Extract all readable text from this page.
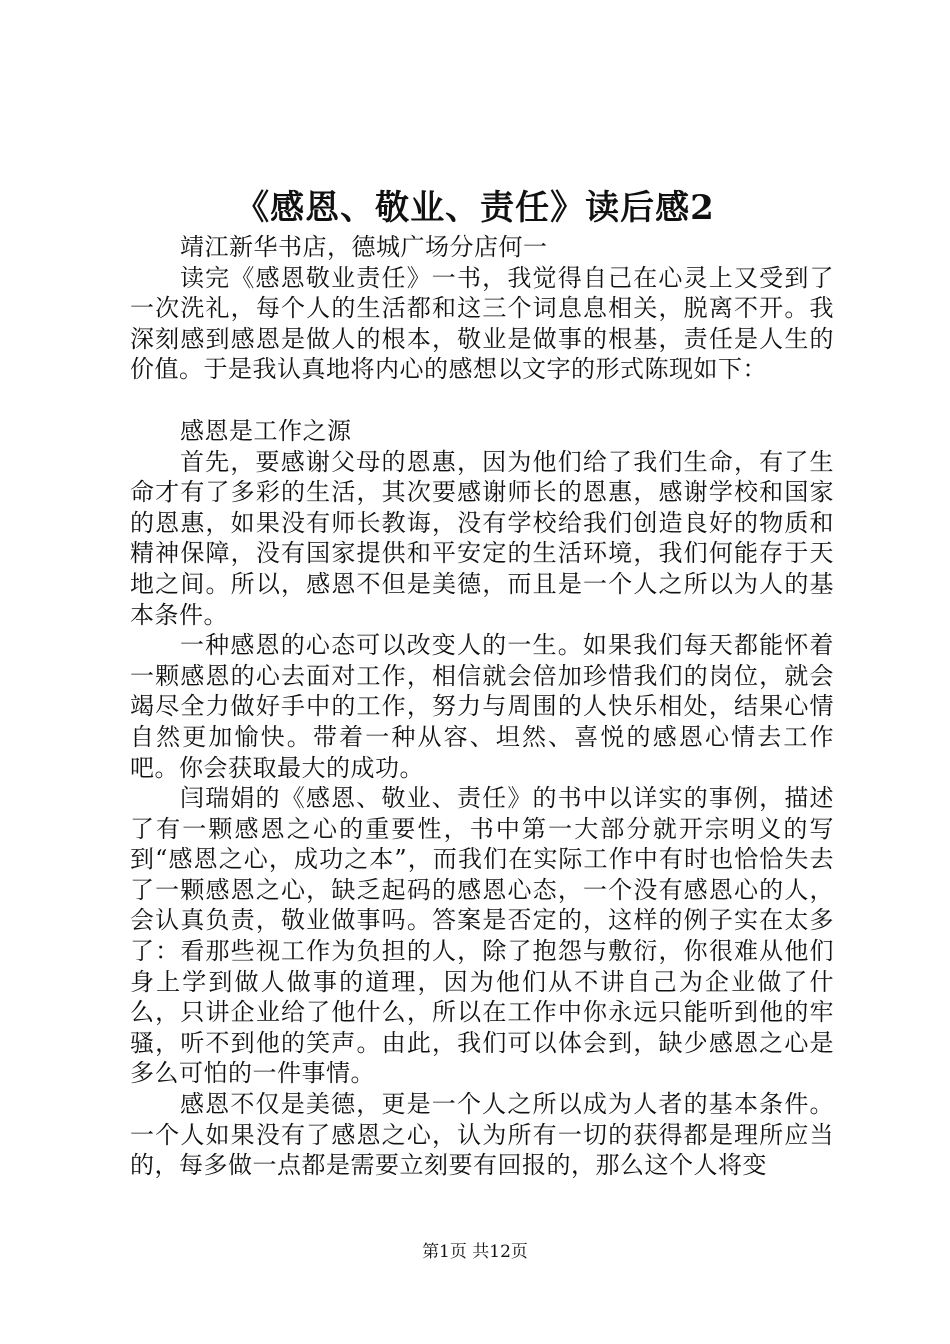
《感恩、敬业、责任》读后感2

靖江新华书店，德城广场分店何一

读完《感恩敬业责任》一书，我觉得自己在心灵上又受到了一次洗礼，每个人的生活都和这三个词息息相关，脱离不开。我深刻感到感恩是做人的根本，敬业是做事的根基，责任是人生的价值。于是我认真地将内心的感想以文字的形式陈现如下：

感恩是工作之源

首先，要感谢父母的恩惠，因为他们给了我们生命，有了生命才有了多彩的生活，其次要感谢师长的恩惠，感谢学校和国家的恩惠，如果没有师长教诲，没有学校给我们创造良好的物质和精神保障，没有国家提供和平安定的生活环境，我们何能存于天地之间。所以，感恩不但是美德，而且是一个人之所以为人的基本条件。

一种感恩的心态可以改变人的一生。如果我们每天都能怀着一颗感恩的心去面对工作，相信就会倍加珍惜我们的岗位，就会竭尽全力做好手中的工作，努力与周围的人快乐相处，结果心情自然更加愉快。带着一种从容、坦然、喜悦的感恩心情去工作吧。你会获取最大的成功。

闫瑞娟的《感恩、敬业、责任》的书中以详实的事例，描述了有一颗感恩之心的重要性，书中第一大部分就开宗明义的写到“感恩之心，成功之本”，而我们在实际工作中有时也恰恰失去了一颗感恩之心，缺乏起码的感恩心态，一个没有感恩心的人，会认真负责，敬业做事吗。答案是否定的，这样的例子实在太多了：看那些视工作为负担的人，除了抱怨与敷衍，你很难从他们身上学到做人做事的道理，因为他们从不讲自己为企业做了什么，只讲企业给了他什么，所以在工作中你永远只能听到他的牢骚，听不到他的笑声。由此，我们可以体会到，缺少感恩之心是多么可怕的一件事情。

感恩不仅是美德，更是一个人之所以成为人者的基本条件。一个人如果没有了感恩之心，认为所有一切的获得都是理所应当的，每多做一点都是需要立刻要有回报的，那么这个人将变

第1页 共12页
